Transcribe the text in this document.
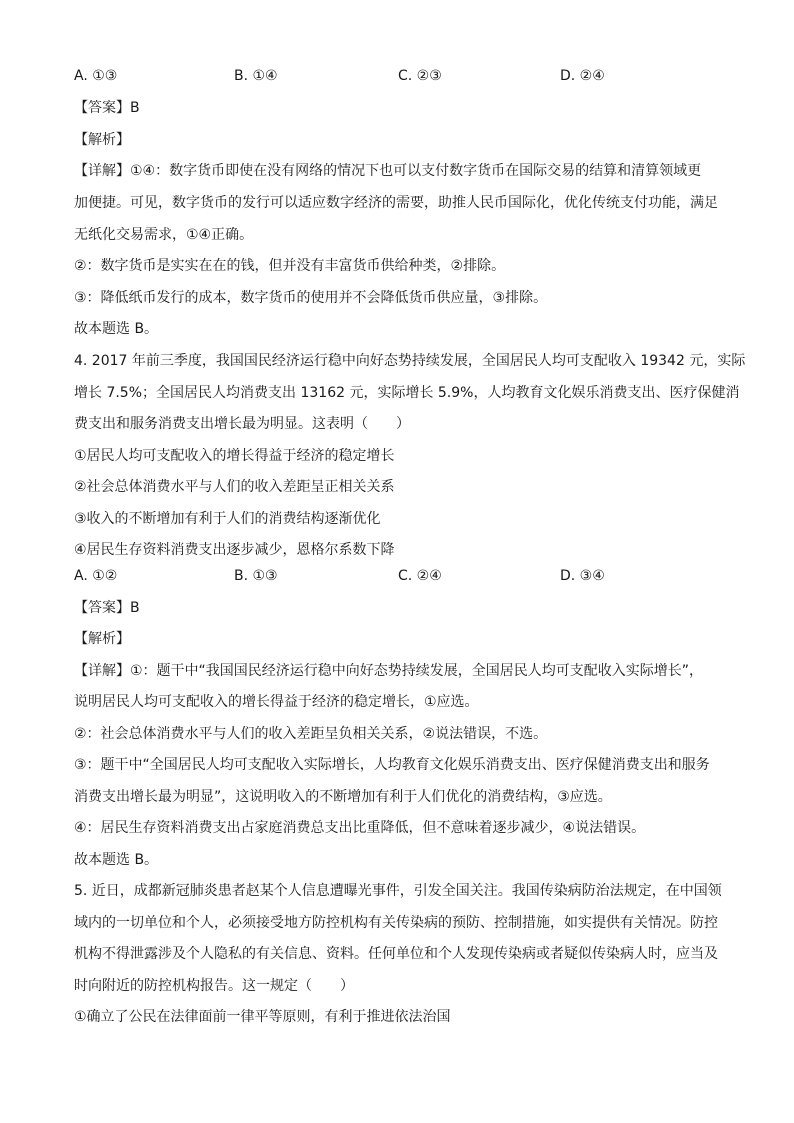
A. ①③	B. ①④	C. ②③	D. ②④
【答案】B
【解析】
【详解】①④：数字货币即使在没有网络的情况下也可以支付数字货币在国际交易的结算和清算领域更
加便捷。可见，数字货币的发行可以适应数字经济的需要，助推人民币国际化，优化传统支付功能，满足
无纸化交易需求，①④正确。
②：数字货币是实实在在的钱，但并没有丰富货币供给种类，②排除。
③：降低纸币发行的成本，数字货币的使用并不会降低货币供应量，③排除。
故本题选 B。
4. 2017 年前三季度，我国国民经济运行稳中向好态势持续发展，全国居民人均可支配收入 19342 元，实际
增长 7.5%；全国居民人均消费支出 13162 元，实际增长 5.9%，人均教育文化娱乐消费支出、医疗保健消
费支出和服务消费支出增长最为明显。这表明（　　）
①居民人均可支配收入的增长得益于经济的稳定增长
②社会总体消费水平与人们的收入差距呈正相关关系
③收入的不断增加有利于人们的消费结构逐渐优化
④居民生存资料消费支出逐步减少，恩格尔系数下降
A. ①②	B. ①③	C. ②④	D. ③④
【答案】B
【解析】
【详解】①：题干中“我国国民经济运行稳中向好态势持续发展，全国居民人均可支配收入实际增长”，
说明居民人均可支配收入的增长得益于经济的稳定增长，①应选。
②：社会总体消费水平与人们的收入差距呈负相关关系，②说法错误，不选。
③：题干中“全国居民人均可支配收入实际增长，人均教育文化娱乐消费支出、医疗保健消费支出和服务
消费支出增长最为明显”，这说明收入的不断增加有利于人们优化的消费结构，③应选。
④：居民生存资料消费支出占家庭消费总支出比重降低，但不意味着逐步减少，④说法错误。
故本题选 B。
5. 近日，成都新冠肺炎患者赵某个人信息遭曝光事件，引发全国关注。我国传染病防治法规定，在中国领
域内的一切单位和个人，必须接受地方防控机构有关传染病的预防、控制措施，如实提供有关情况。防控
机构不得泄露涉及个人隐私的有关信息、资料。任何单位和个人发现传染病或者疑似传染病人时，应当及
时向附近的防控机构报告。这一规定（　　）
①确立了公民在法律面前一律平等原则，有利于推进依法治国
